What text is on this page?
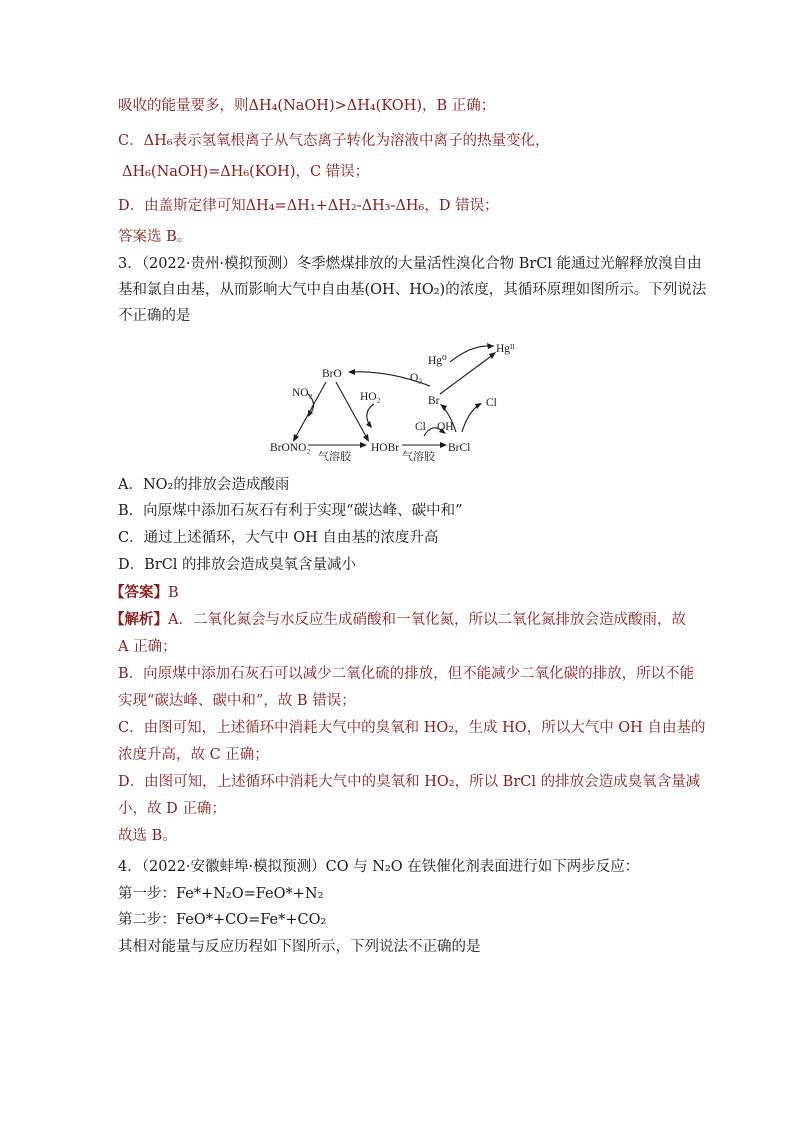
吸收的能量要多，则ΔH₄(NaOH)>ΔH₄(KOH)，B 正确；
C．ΔH₆表示氢氧根离子从气态离子转化为溶液中离子的热量变化，
ΔH₆(NaOH)=ΔH₆(KOH)，C 错误；
D．由盖斯定律可知ΔH₄=ΔH₁+ΔH₂-ΔH₃-ΔH₆，D 错误；
答案选 B。
3．（2022·贵州·模拟预测）冬季燃煤排放的大量活性溴化合物 BrCl 能通过光解释放溴自由
基和氯自由基，从而影响大气中自由基(OH、HO₂)的浓度，其循环原理如图所示。下列说法
不正确的是
Hg⁰
Hgᴵᴵ
BrO	O₃
Br	Cl
NO₂	HO₂
Cl OH
BrONO₂	HOBr	BrCl
气溶胶	气溶胶
A．NO₂的排放会造成酸雨
B．向原煤中添加石灰石有利于实现“碳达峰、碳中和”
C．通过上述循环，大气中 OH 自由基的浓度升高
D．BrCl 的排放会造成臭氧含量减小
【答案】B
【解析】A．二氧化氮会与水反应生成硝酸和一氧化氮，所以二氧化氮排放会造成酸雨，故
A 正确；
B．向原煤中添加石灰石可以减少二氧化硫的排放，但不能减少二氧化碳的排放，所以不能
实现“碳达峰、碳中和”，故 B 错误；
C．由图可知，上述循环中消耗大气中的臭氧和 HO₂，生成 HO，所以大气中 OH 自由基的
浓度升高，故 C 正确；
D．由图可知，上述循环中消耗大气中的臭氧和 HO₂，所以 BrCl 的排放会造成臭氧含量减
小，故 D 正确；
故选 B。
4．（2022·安徽蚌埠·模拟预测）CO 与 N₂O 在铁催化剂表面进行如下两步反应：
第一步：Fe*+N₂O=FeO*+N₂
第二步：FeO*+CO=Fe*+CO₂
其相对能量与反应历程如下图所示，下列说法不正确的是
